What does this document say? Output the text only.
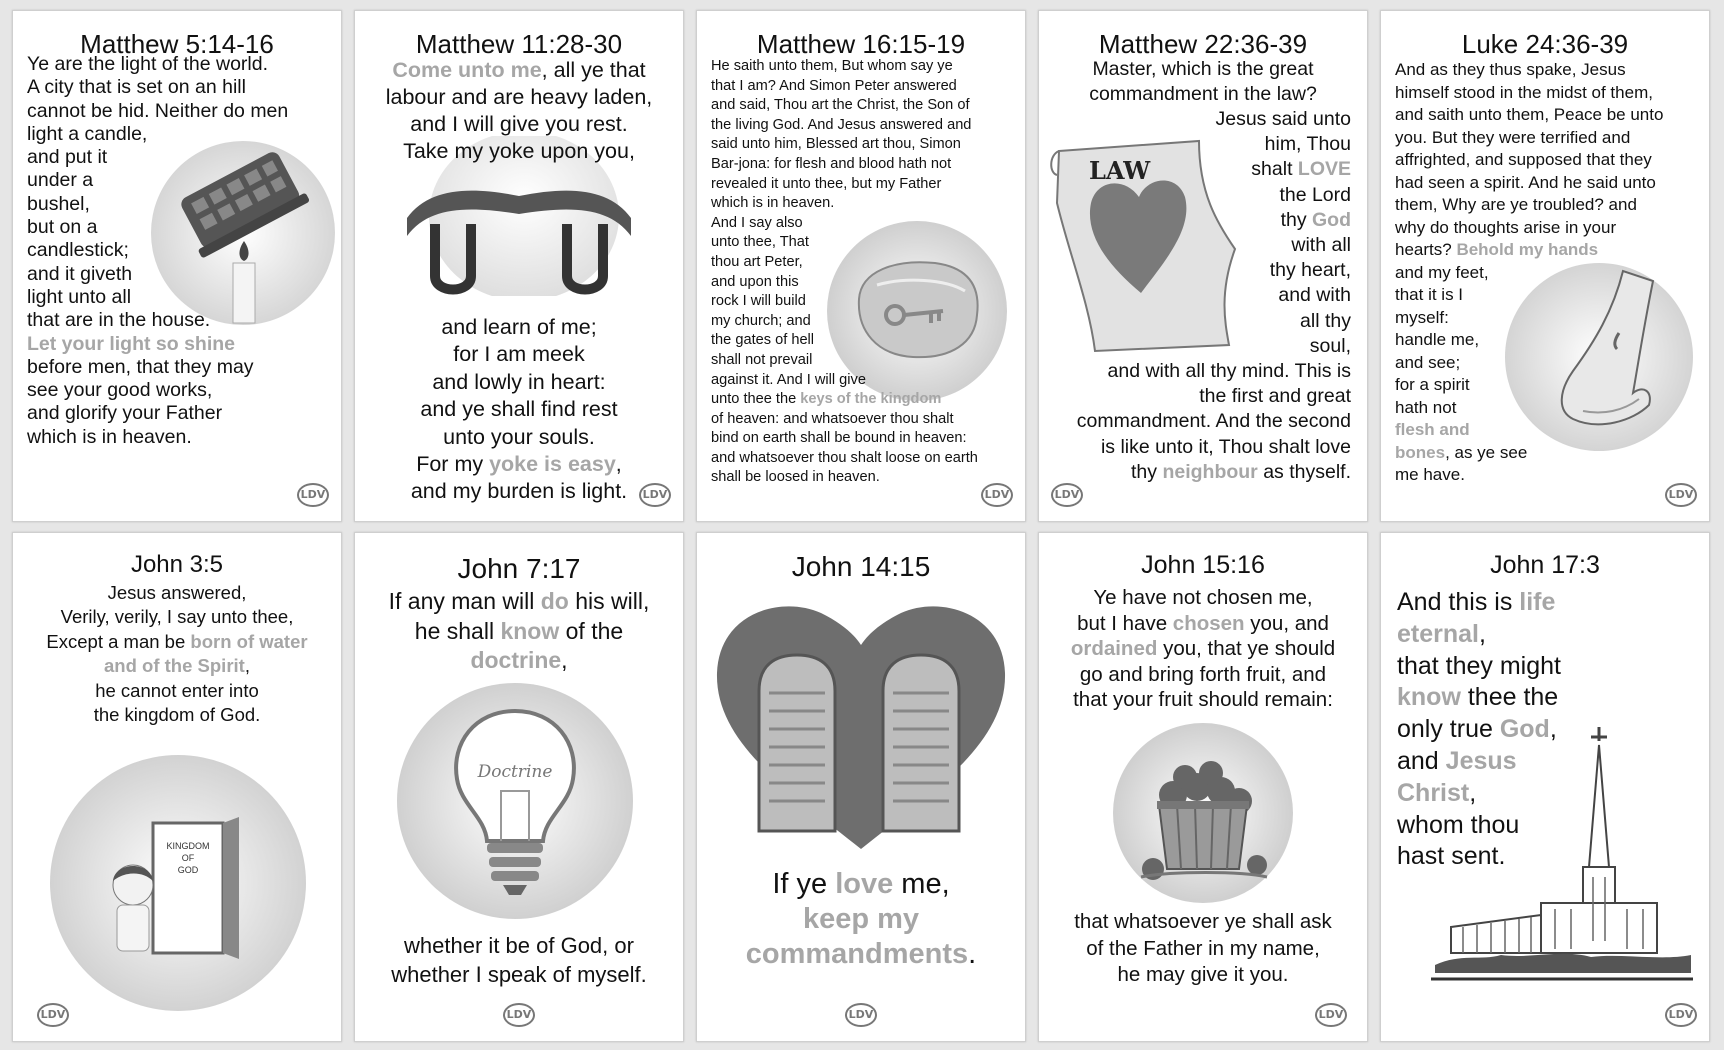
Matthew 5:14-16
Ye are the light of the world.
A city that is set on an hill
cannot be hid. Neither do men
light a candle,
and put it
under a
bushel,
but on a
candlestick;
and it giveth
light unto all
that are in the house.
Let your light so shine
before men, that they may
see your good works,
and glorify your Father
which is in heaven.
LDV
Matthew 11:28-30
Come unto me, all ye that
labour and are heavy laden,
and I will give you rest.
Take my yoke upon you,
and learn of me;
for I am meek
and lowly in heart:
and ye shall find rest
unto your souls.
For my yoke is easy,
and my burden is light.	LDV
Matthew 16:15-19
He saith unto them, But whom say ye
that I am? And Simon Peter answered
and said, Thou art the Christ, the Son of
the living God. And Jesus answered and
said unto him, Blessed art thou, Simon
Bar-jona: for flesh and blood hath not
revealed it unto thee, but my Father
which is in heaven.
And I say also
unto thee, That
thou art Peter,
and upon this
rock I will build
my church; and
the gates of hell
shall not prevail
against it. And I will give
unto thee the keys of the kingdom
of heaven: and whatsoever thou shalt
bind on earth shall be bound in heaven:
and whatsoever thou shalt loose on earth
shall be loosed in heaven.
LDV
Matthew 22:36-39
LAW
Master, which is the great
commandment in the law?
Jesus said unto
him, Thou
shalt LOVE
the Lord
thy God
with all
thy heart,
and with
all thy
soul,
and with all thy mind. This is
the first and great
commandment. And the second
is like unto it, Thou shalt love
thy neighbour as thyself.
LDV
Luke 24:36-39
And as they thus spake, Jesus
himself stood in the midst of them,
and saith unto them, Peace be unto
you. But they were terrified and
affrighted, and supposed that they
had seen a spirit. And he said unto
them, Why are ye troubled? and
why do thoughts arise in your
hearts? Behold my hands
and my feet,
that it is I
myself:
handle me,
and see;
for a spirit
hath not
flesh and
bones, as ye see
me have.
LDV
John 3:5
Jesus answered,
Verily, verily, I say unto thee,
Except a man be born of water
and of the Spirit,
he cannot enter into
the kingdom of God.
KINGDOM
OF
GOD
LDV
John 7:17
If any man will do his will,
he shall know of the
doctrine,
Doctrine
whether it be of God, or
whether I speak of myself.
LDV
John 14:15
If ye love me,
keep my
commandments.
LDV
John 15:16
Ye have not chosen me,
but I have chosen you, and
ordained you, that ye should
go and bring forth fruit, and
that your fruit should remain:
that whatsoever ye shall ask
of the Father in my name,
he may give it you.
LDV
John 17:3
And this is life eternal,
that they might
know thee the
only true God,
and Jesus
Christ,
whom thou
hast sent.
LDV
